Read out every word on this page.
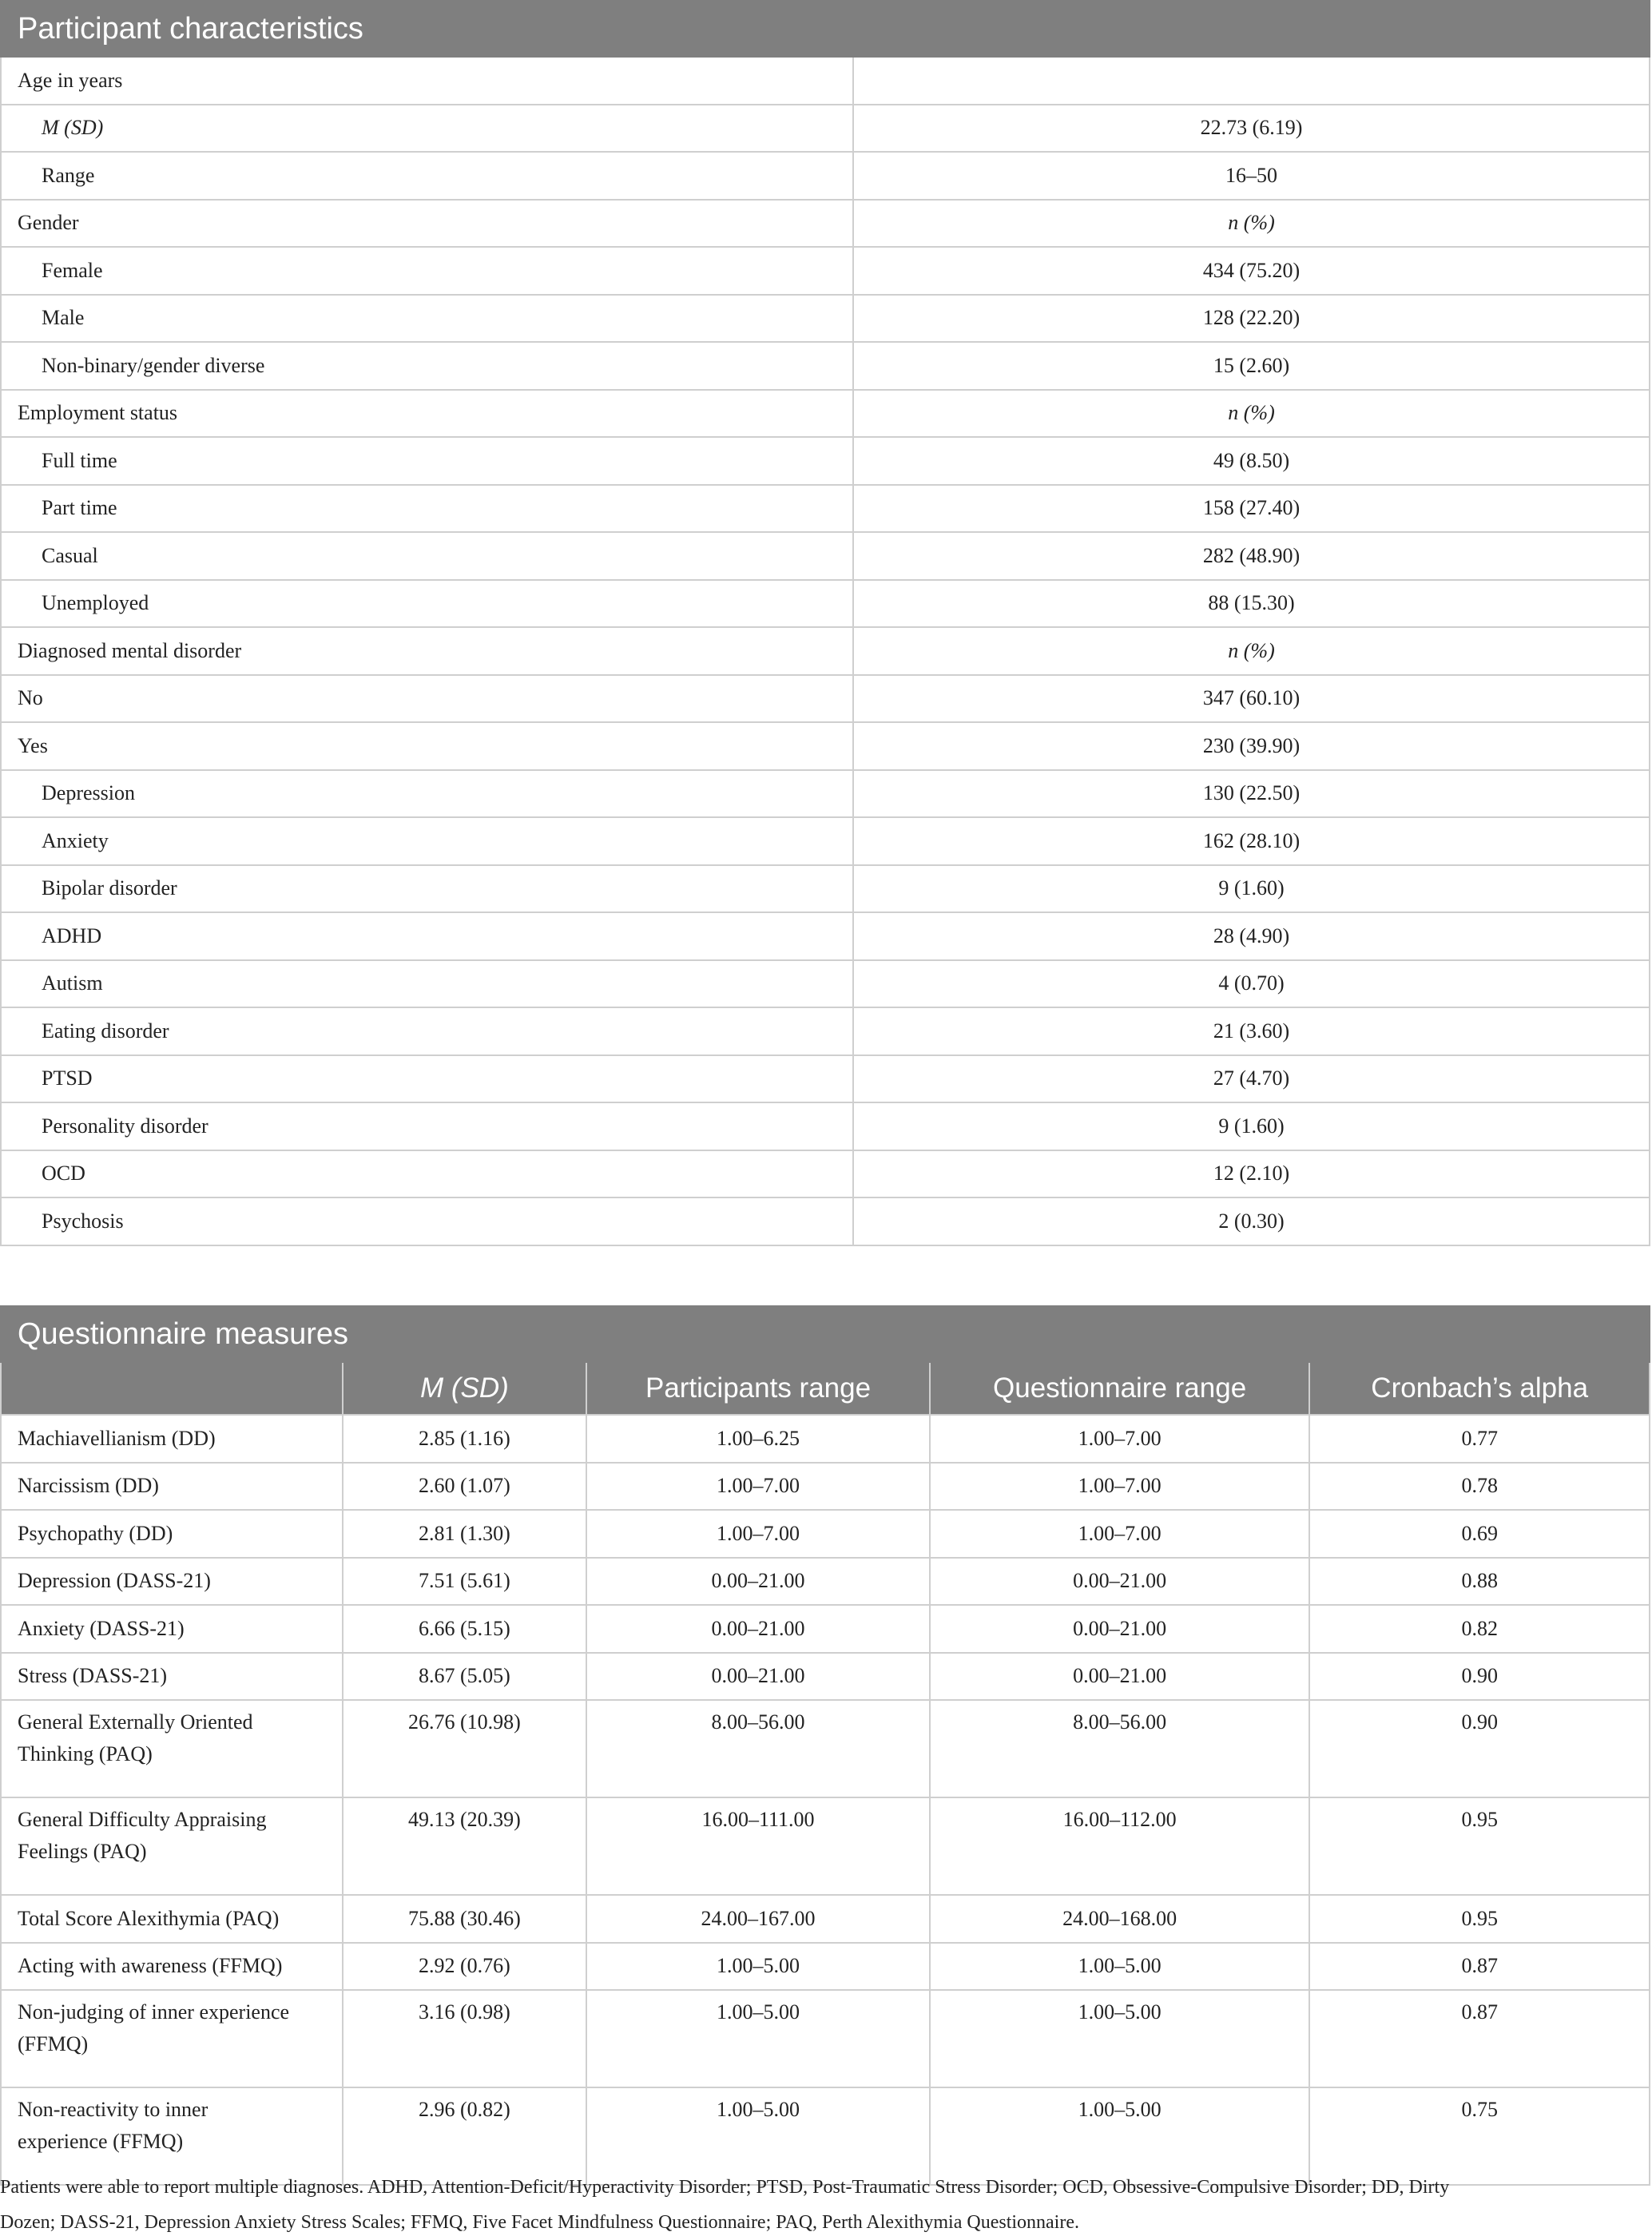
Participant characteristics	
Age in years	
M (SD)	22.73 (6.19)
Range	16–50
Gender	n (%)
Female	434 (75.20)
Male	128 (22.20)
Non-binary/gender diverse	15 (2.60)
Employment status	n (%)
Full time	49 (8.50)
Part time	158 (27.40)
Casual	282 (48.90)
Unemployed	88 (15.30)
Diagnosed mental disorder	n (%)
No	347 (60.10)
Yes	230 (39.90)
Depression	130 (22.50)
Anxiety	162 (28.10)
Bipolar disorder	9 (1.60)
ADHD	28 (4.90)
Autism	4 (0.70)
Eating disorder	21 (3.60)
PTSD	27 (4.70)
Personality disorder	9 (1.60)
OCD	12 (2.10)
Psychosis	2 (0.30)
Questionnaire measures				
	M (SD)	Participants range	Questionnaire range	Cronbach’s alpha
Machiavellianism (DD)	2.85 (1.16)	1.00–6.25	1.00–7.00	0.77
Narcissism (DD)	2.60 (1.07)	1.00–7.00	1.00–7.00	0.78
Psychopathy (DD)	2.81 (1.30)	1.00–7.00	1.00–7.00	0.69
Depression (DASS-21)	7.51 (5.61)	0.00–21.00	0.00–21.00	0.88
Anxiety (DASS-21)	6.66 (5.15)	0.00–21.00	0.00–21.00	0.82
Stress (DASS-21)	8.67 (5.05)	0.00–21.00	0.00–21.00	0.90

General Externally Oriented
Thinking (PAQ)	26.76 (10.98)	8.00–56.00	8.00–56.00	0.90

General Difficulty Appraising
Feelings (PAQ)	49.13 (20.39)	16.00–111.00	16.00–112.00	0.95
Total Score Alexithymia (PAQ)	75.88 (30.46)	24.00–167.00	24.00–168.00	0.95
Acting with awareness (FFMQ)	2.92 (0.76)	1.00–5.00	1.00–5.00	0.87

Non-judging of inner experience
(FFMQ)	3.16 (0.98)	1.00–5.00	1.00–5.00	0.87

Non-reactivity to inner
experience (FFMQ)	2.96 (0.82)	1.00–5.00	1.00–5.00	0.75
Patients were able to report multiple diagnoses. ADHD, Attention-Deficit/Hyperactivity Disorder; PTSD, Post-Traumatic Stress Disorder; OCD, Obsessive-Compulsive Disorder; DD, Dirty
Dozen; DASS-21, Depression Anxiety Stress Scales; FFMQ, Five Facet Mindfulness Questionnaire; PAQ, Perth Alexithymia Questionnaire.
